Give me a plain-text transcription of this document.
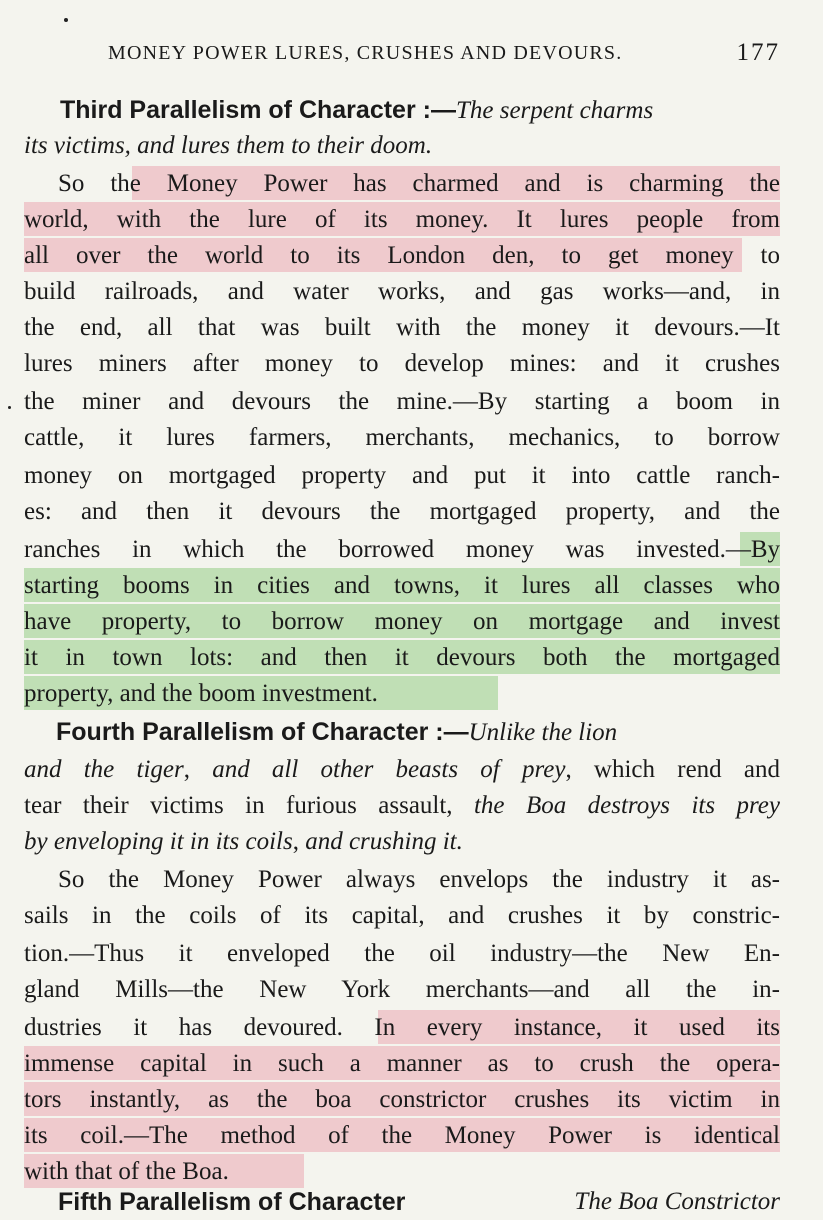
MONEY POWER LURES, CRUSHES AND DEVOURS.	177
Third Parallelism of Character :—The serpent charms
its victims, and lures them to their doom.
So the Money Power has charmed and is charming the
world, with the lure of its money. It lures people from
all over the world to its London den, to get money to
build railroads, and water works, and gas works—and, in
the end, all that was built with the money it devours.—It
lures miners after money to develop mines: and it crushes
the miner and devours the mine.—By starting a boom in
cattle, it lures farmers, merchants, mechanics, to borrow
money on mortgaged property and put it into cattle ranch-
es: and then it devours the mortgaged property, and the
ranches in which the borrowed money was invested.—By
starting booms in cities and towns, it lures all classes who
have property, to borrow money on mortgage and invest
it in town lots: and then it devours both the mortgaged
property, and the boom investment.
Fourth Parallelism of Character :—Unlike the lion
and the tiger, and all other beasts of prey, which rend and
tear their victims in furious assault, the Boa destroys its prey
by enveloping it in its coils, and crushing it.
So the Money Power always envelops the industry it as-
sails in the coils of its capital, and crushes it by constric-
tion.—Thus it enveloped the oil industry—the New En-
gland Mills—the New York merchants—and all the in-
dustries it has devoured. In every instance, it used its
immense capital in such a manner as to crush the opera-
tors instantly, as the boa constrictor crushes its victim in
its coil.—The method of the Money Power is identical
with that of the Boa.
Fifth Parallelism of Character	The Boa Constrictor
